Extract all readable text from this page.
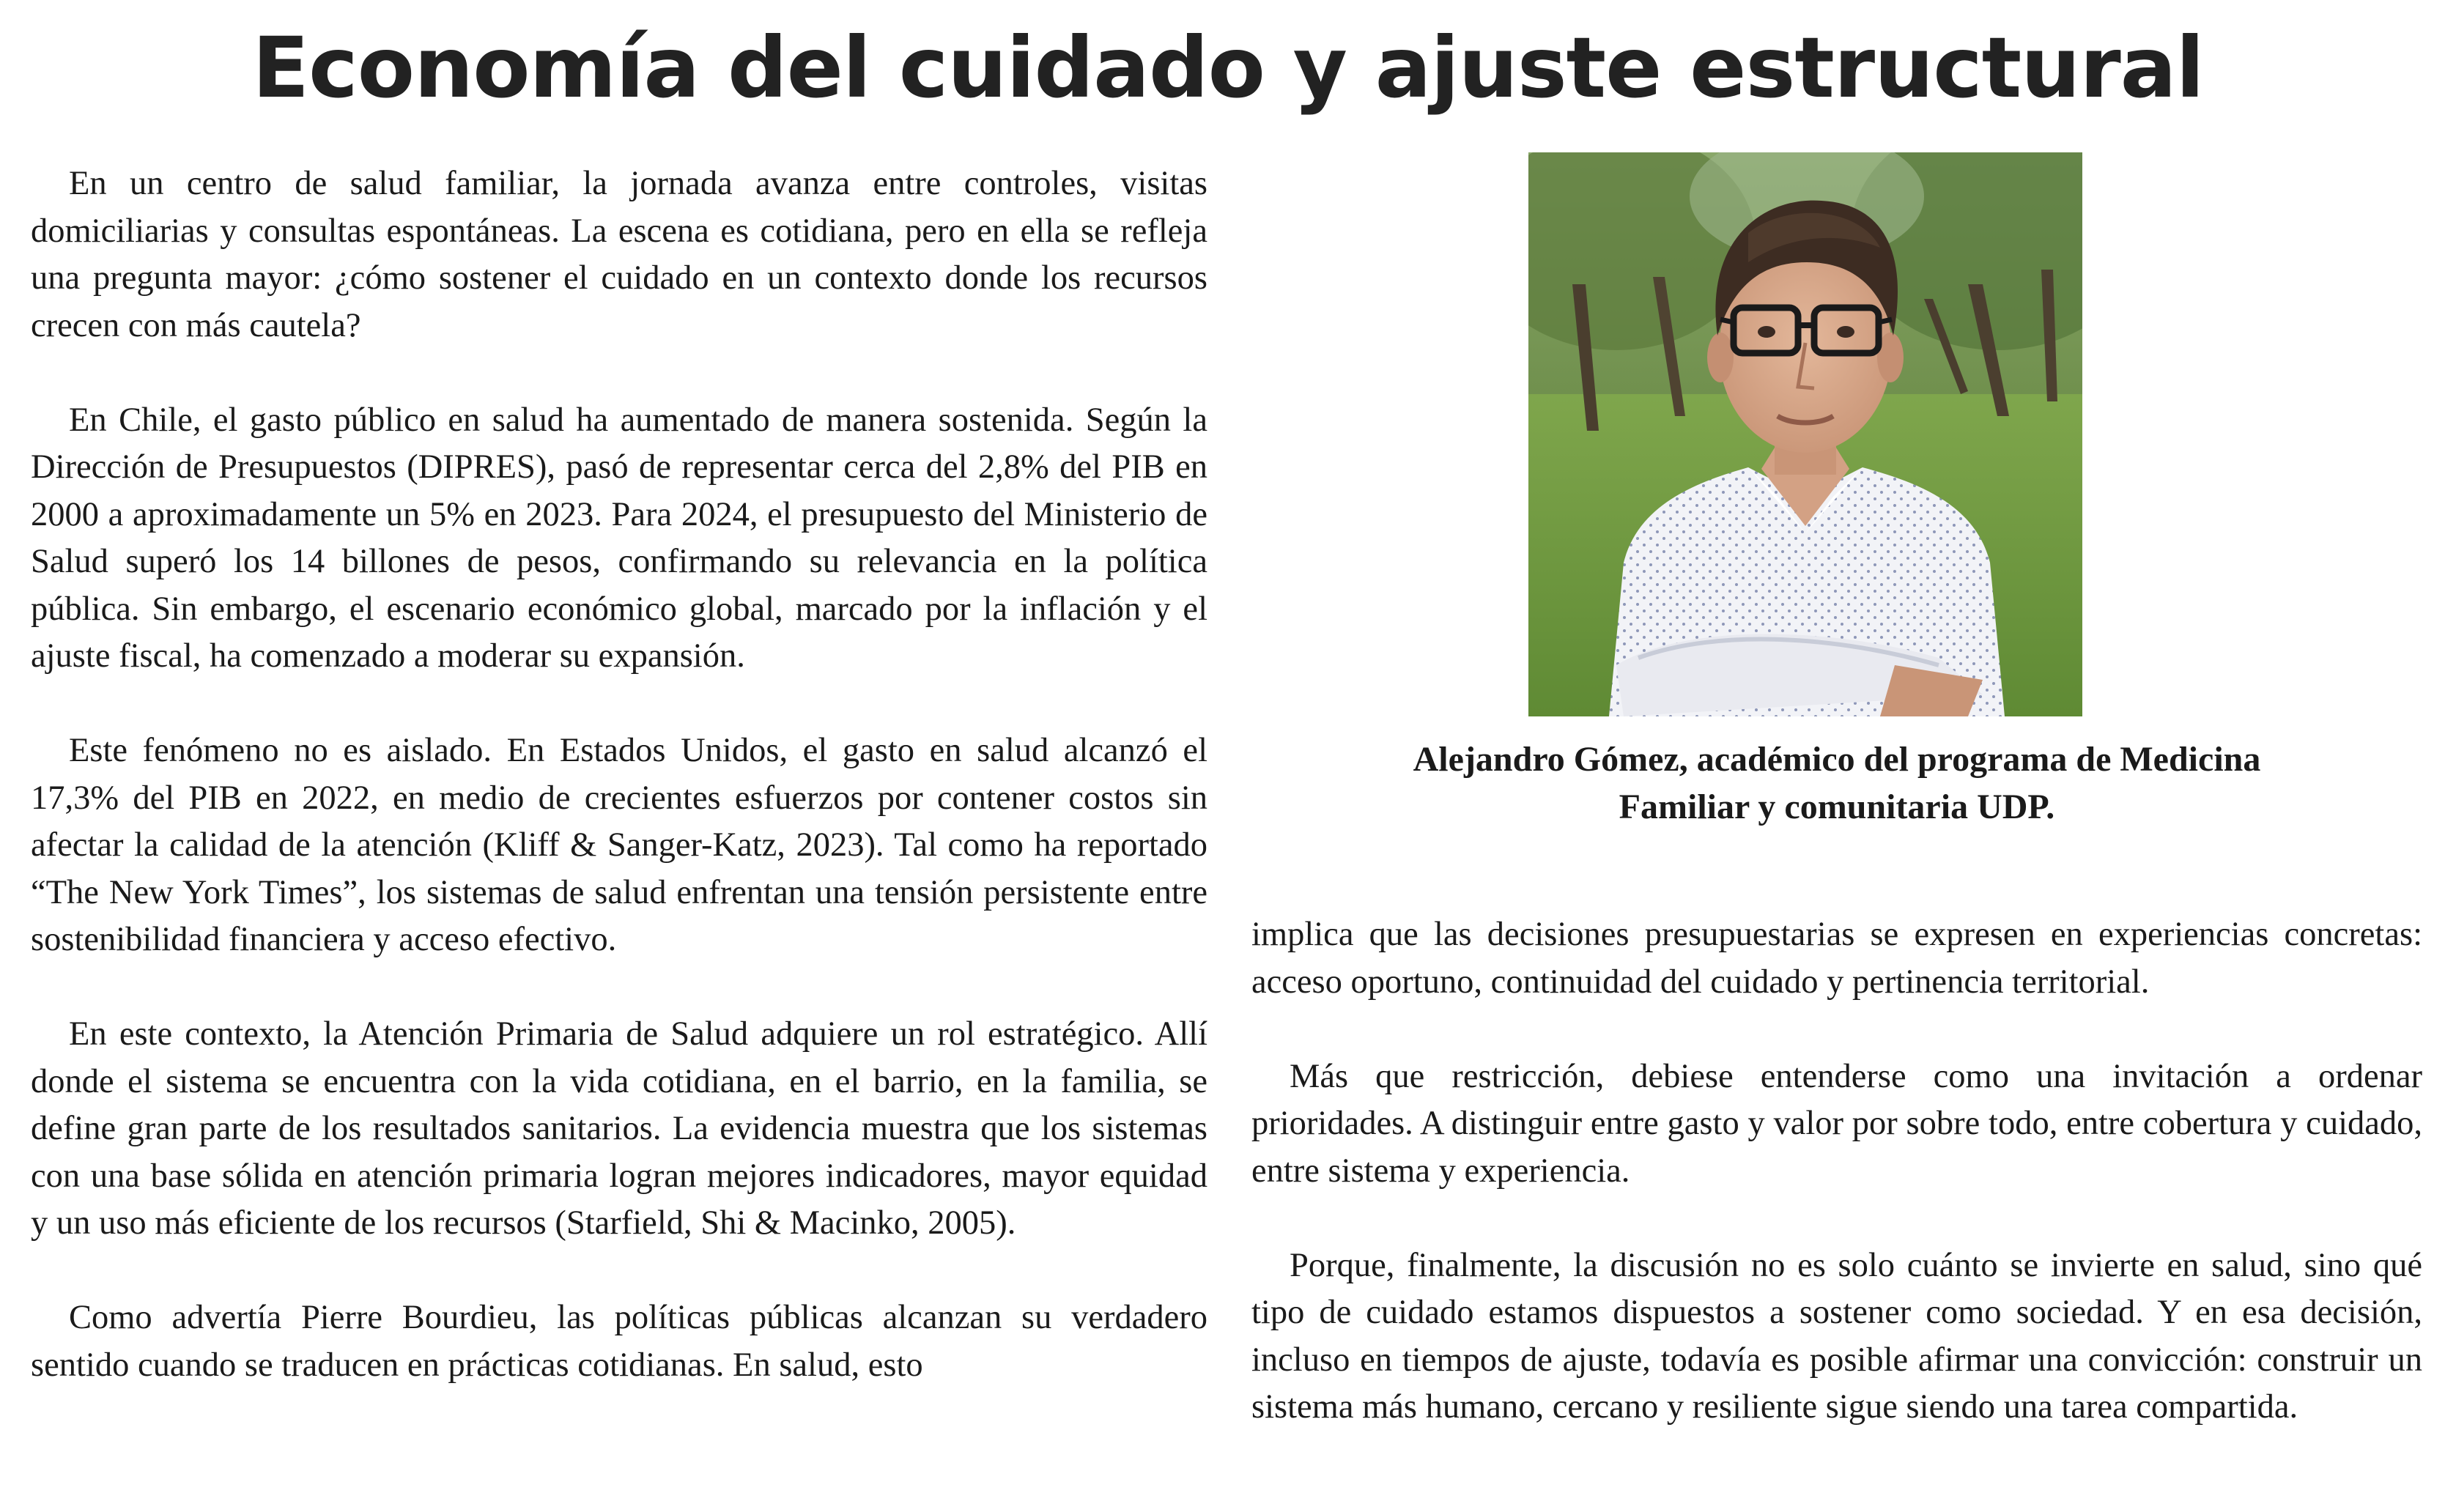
Economía del cuidado y ajuste estructural

En un centro de salud familiar, la jornada avanza entre controles, visitas domiciliarias y consultas espontáneas. La escena es cotidiana, pero en ella se refleja una pregunta mayor: ¿cómo sostener el cuidado en un contexto donde los recursos crecen con más cautela?

En Chile, el gasto público en salud ha aumentado de manera sostenida. Según la Dirección de Presupuestos (DIPRES), pasó de representar cerca del 2,8% del PIB en 2000 a aproximadamente un 5% en 2023. Para 2024, el presupuesto del Ministerio de Salud superó los 14 billones de pesos, confirmando su relevancia en la política pública. Sin embargo, el escenario económico global, marcado por la inflación y el ajuste fiscal, ha comenzado a moderar su expansión.

Este fenómeno no es aislado. En Estados Unidos, el gasto en salud alcanzó el 17,3% del PIB en 2022, en medio de crecientes esfuerzos por contener costos sin afectar la calidad de la atención (Kliff & Sanger-Katz, 2023). Tal como ha reportado “The New York Times”, los sistemas de salud enfrentan una tensión persistente entre sostenibilidad financiera y acceso efectivo.

En este contexto, la Atención Primaria de Salud adquiere un rol estratégico. Allí donde el sistema se encuentra con la vida cotidiana, en el barrio, en la familia, se define gran parte de los resultados sanitarios. La evidencia muestra que los sistemas con una base sólida en atención primaria logran mejores indicadores, mayor equidad y un uso más eficiente de los recursos (Starfield, Shi & Macinko, 2005).

Como advertía Pierre Bourdieu, las políticas públicas alcanzan su verdadero sentido cuando se traducen en prácticas cotidianas. En salud, esto

Alejandro Gómez, académico del programa de Medicina
Familiar y comunitaria UDP.

implica que las decisiones presupuestarias se expresen en experiencias concretas: acceso oportuno, continuidad del cuidado y pertinencia territorial.

Más que restricción, debiese entenderse como una invitación a ordenar prioridades. A distinguir entre gasto y valor por sobre todo, entre cobertura y cuidado, entre sistema y experiencia.

Porque, finalmente, la discusión no es solo cuánto se invierte en salud, sino qué tipo de cuidado estamos dispuestos a sostener como sociedad. Y en esa decisión, incluso en tiempos de ajuste, todavía es posible afirmar una convicción: construir un sistema más humano, cercano y resiliente sigue siendo una tarea compartida.
